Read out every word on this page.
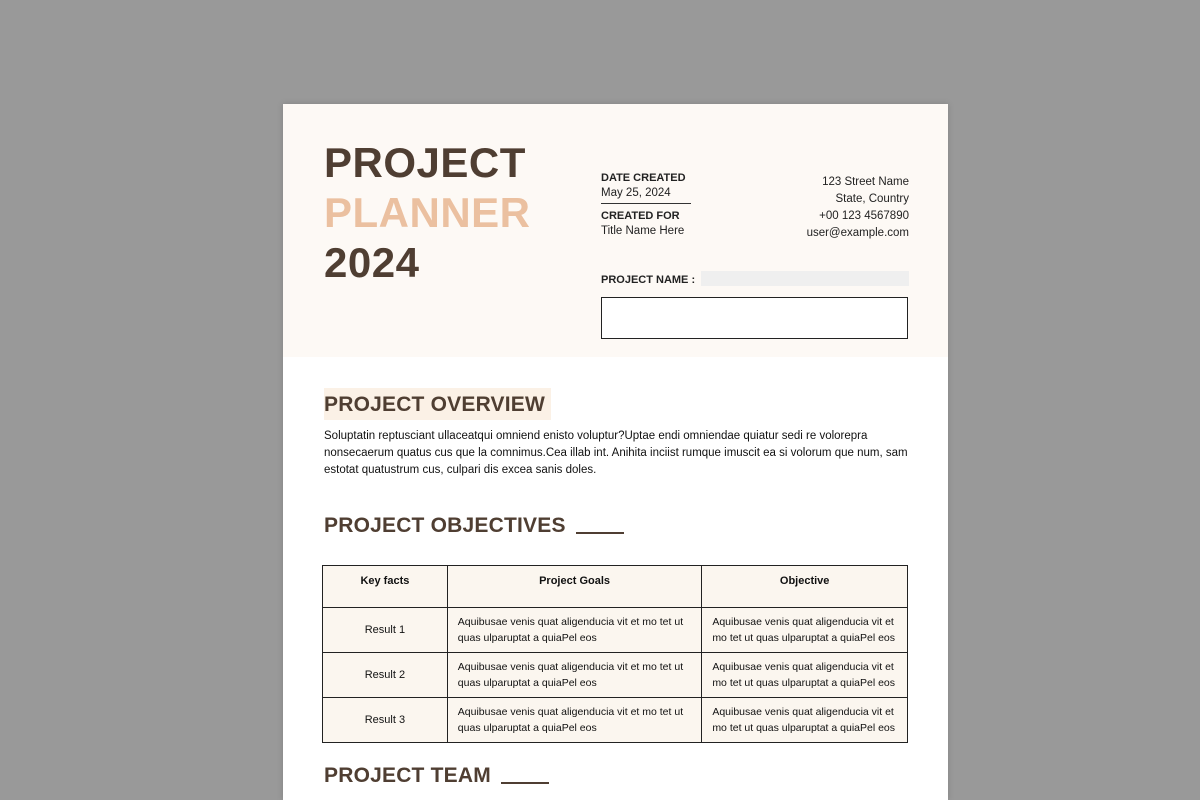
PROJECT
PLANNER
2024
DATE CREATED
May 25, 2024
CREATED FOR
Title Name Here
123 Street Name
State, Country
+00 123 4567890
user@example.com
PROJECT NAME :
PROJECT OVERVIEW
Soluptatin reptusciant ullaceatqui omniend enisto voluptur?Uptae endi omniendae quiatur sedi re volorepra nonsecaerum quatus cus que la comnimus.Cea illab int. Anihita inciist rumque imuscit ea si volorum que num, sam estotat quatustrum cus, culpari dis excea sanis doles.
PROJECT OBJECTIVES
Key facts	Project Goals	Objective
Result 1	Aquibusae venis quat aligenducia vit et mo tet ut quas ulparuptat a quiaPel eos	Aquibusae venis quat aligenducia vit et mo tet ut quas ulparuptat a quiaPel eos
Result 2	Aquibusae venis quat aligenducia vit et mo tet ut quas ulparuptat a quiaPel eos	Aquibusae venis quat aligenducia vit et mo tet ut quas ulparuptat a quiaPel eos
Result 3	Aquibusae venis quat aligenducia vit et mo tet ut quas ulparuptat a quiaPel eos	Aquibusae venis quat aligenducia vit et mo tet ut quas ulparuptat a quiaPel eos
PROJECT TEAM
